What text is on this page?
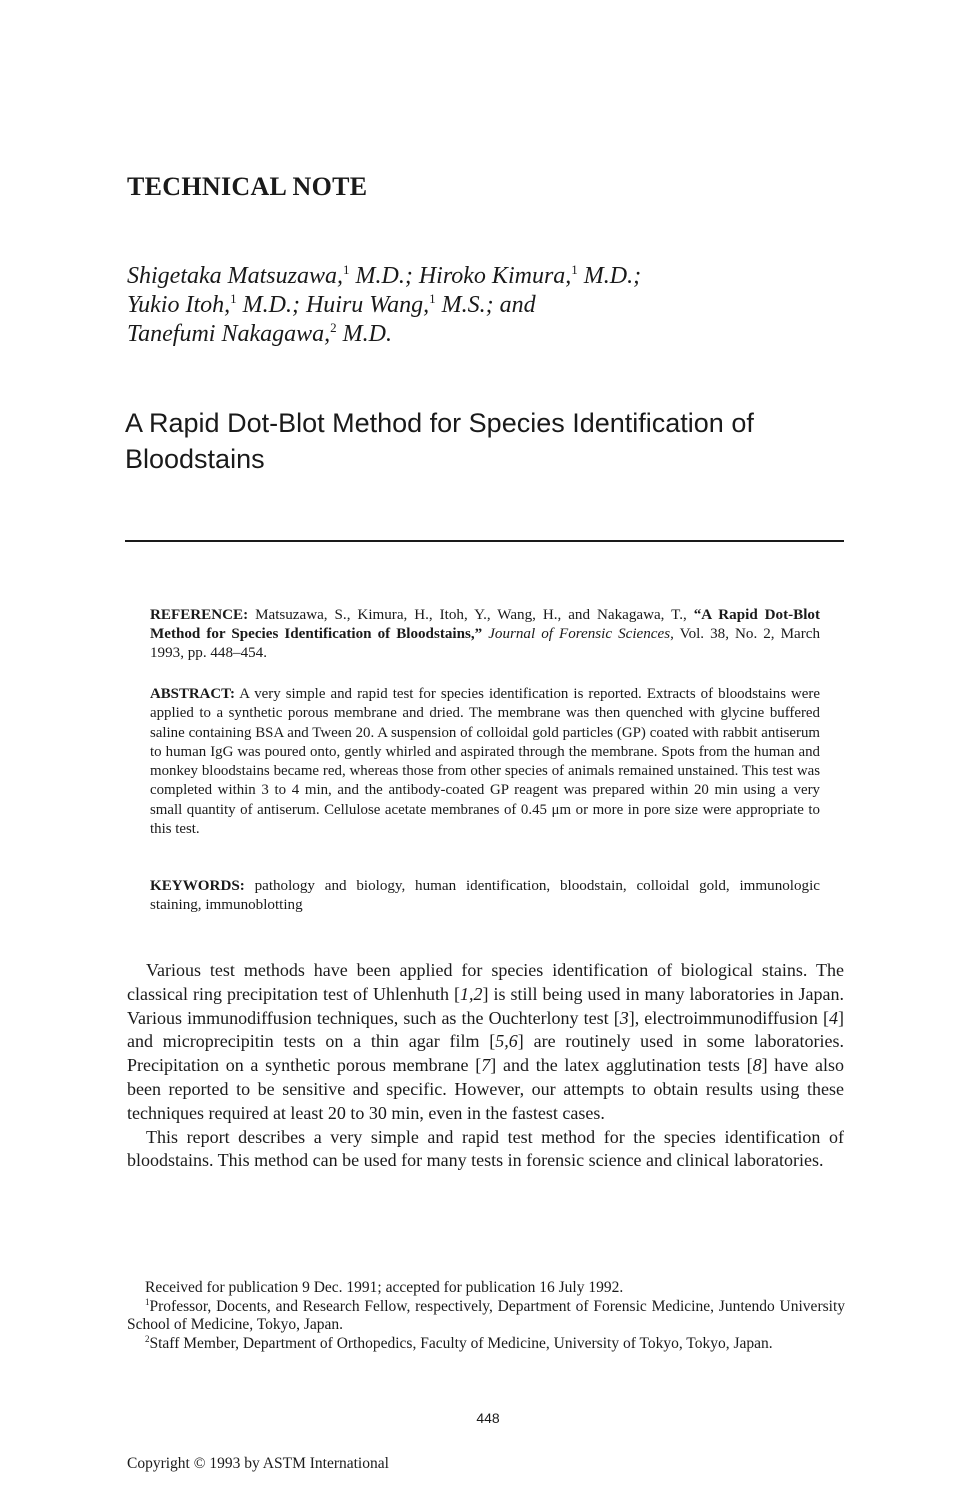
TECHNICAL NOTE
Shigetaka Matsuzawa,$^1$ M.D.; Hiroko Kimura,$^1$ M.D.;
Yukio Itoh,$^1$ M.D.; Huiru Wang,$^1$ M.S.; and
Tanefumi Nakagawa,$^2$ M.D.
A Rapid Dot-Blot Method for Species Identification of Bloodstains
REFERENCE: Matsuzawa, S., Kimura, H., Itoh, Y., Wang, H., and Nakagawa, T., “A Rapid Dot-Blot Method for Species Identification of Bloodstains,” Journal of Forensic Sciences, Vol. 38, No. 2, March 1993, pp. 448–454.
ABSTRACT: A very simple and rapid test for species identification is reported. Extracts of bloodstains were applied to a synthetic porous membrane and dried. The membrane was then quenched with glycine buffered saline containing BSA and Tween 20. A suspension of colloidal gold particles (GP) coated with rabbit antiserum to human IgG was poured onto, gently whirled and aspirated through the membrane. Spots from the human and monkey bloodstains became red, whereas those from other species of animals remained unstained. This test was completed within 3 to 4 min, and the antibody-coated GP reagent was prepared within 20 min using a very small quantity of antiserum. Cellulose acetate membranes of 0.45 μm or more in pore size were appropriate to this test.
KEYWORDS: pathology and biology, human identification, bloodstain, colloidal gold, immunologic staining, immunoblotting

Various test methods have been applied for species identification of biological stains. The classical ring precipitation test of Uhlenhuth [1,2] is still being used in many laboratories in Japan. Various immunodiffusion techniques, such as the Ouchterlony test [3], electroimmunodiffusion [4] and microprecipitin tests on a thin agar film [5,6] are routinely used in some laboratories. Precipitation on a synthetic porous membrane [7] and the latex agglutination tests [8] have also been reported to be sensitive and specific. However, our attempts to obtain results using these techniques required at least 20 to 30 min, even in the fastest cases.

This report describes a very simple and rapid test method for the species identification of bloodstains. This method can be used for many tests in forensic science and clinical laboratories.

Received for publication 9 Dec. 1991; accepted for publication 16 July 1992.

$^1$Professor, Docents, and Research Fellow, respectively, Department of Forensic Medicine, Juntendo University School of Medicine, Tokyo, Japan.

$^2$Staff Member, Department of Orthopedics, Faculty of Medicine, University of Tokyo, Tokyo, Japan.

448
Copyright © 1993 by ASTM International
